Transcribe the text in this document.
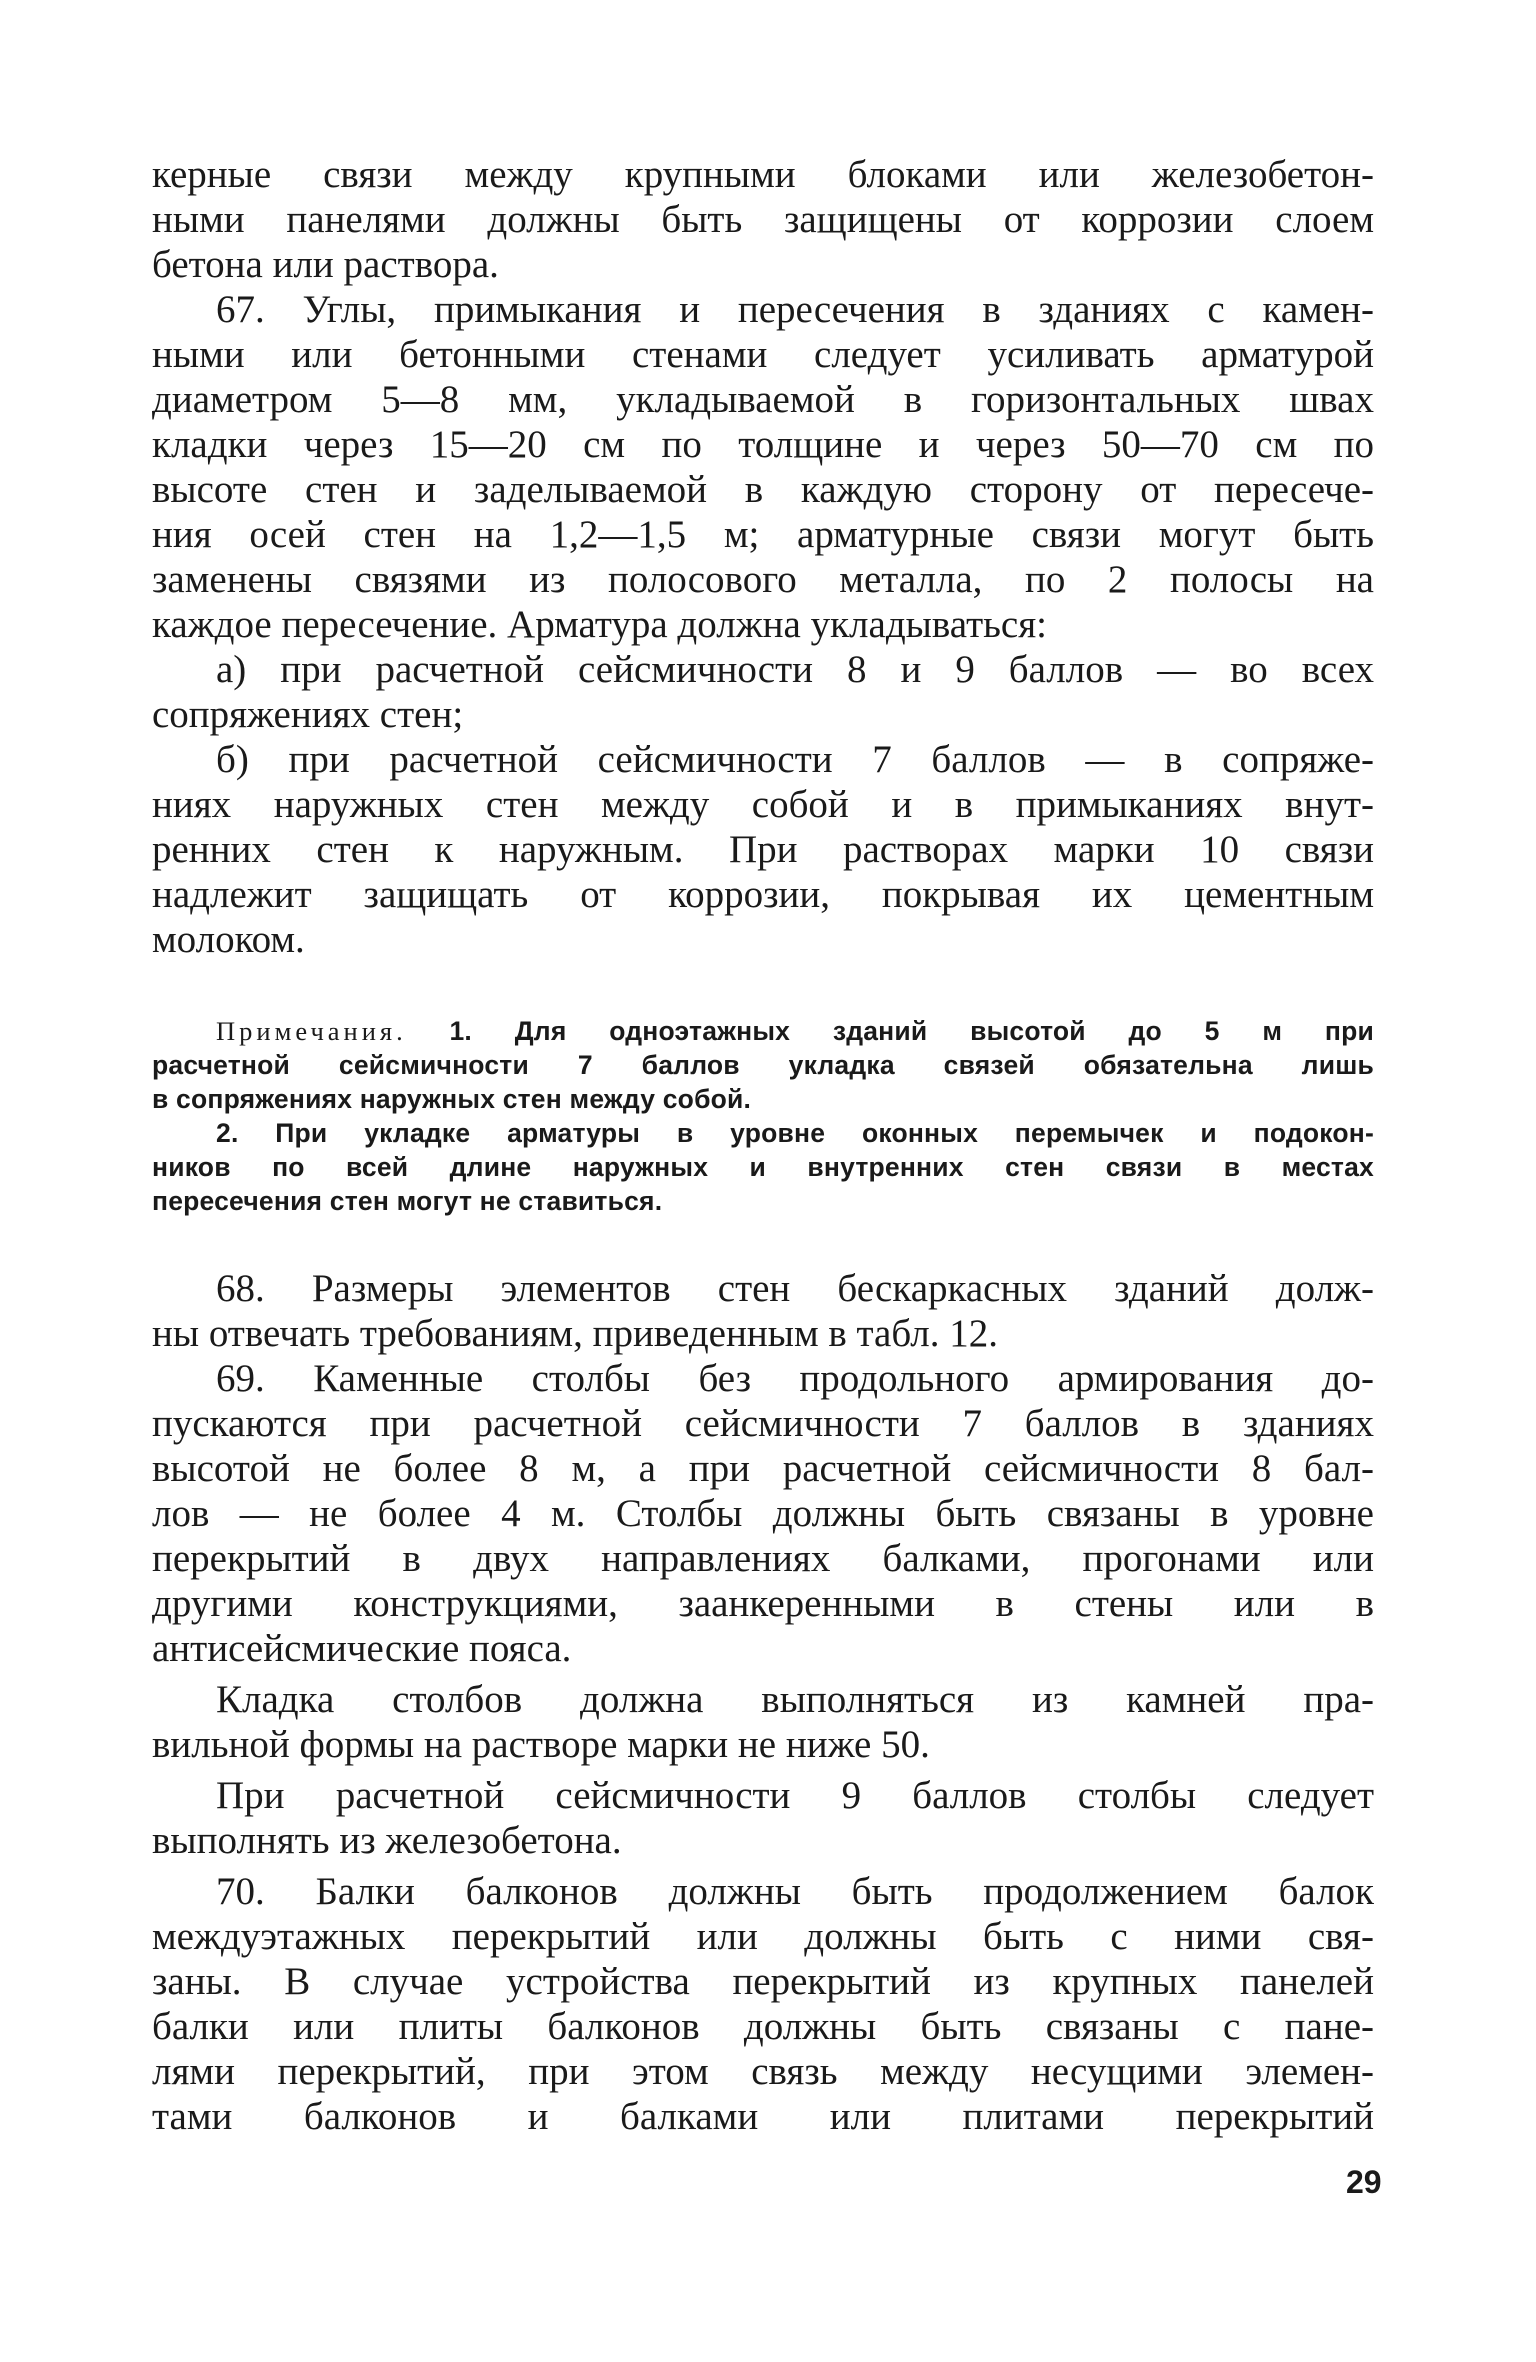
керные связи между крупными блоками или железобетон-
ными панелями должны быть защищены от коррозии слоем
бетона или раствора.
67. Углы, примыкания и пересечения в зданиях с камен-
ными или бетонными стенами следует усиливать арматурой
диаметром 5—8 мм, укладываемой в горизонтальных швах
кладки через 15—20 см по толщине и через 50—70 см по
высоте стен и заделываемой в каждую сторону от пересече-
ния осей стен на 1,2—1,5 м; арматурные связи могут быть
заменены связями из полосового металла, по 2 полосы на
каждое пересечение. Арматура должна укладываться:
а) при расчетной сейсмичности 8 и 9 баллов — во всех
сопряжениях стен;
б) при расчетной сейсмичности 7 баллов — в сопряже-
ниях наружных стен между собой и в примыканиях внут-
ренних стен к наружным. При растворах марки 10 связи
надлежит защищать от коррозии, покрывая их цементным
молоком.
Примечания. 1. Для одноэтажных зданий высотой до 5 м при
расчетной сейсмичности 7 баллов укладка связей обязательна лишь
в сопряжениях наружных стен между собой.
2. При укладке арматуры в уровне оконных перемычек и подокон-
ников по всей длине наружных и внутренних стен связи в местах
пересечения стен могут не ставиться.
68. Размеры элементов стен бескаркасных зданий долж-
ны отвечать требованиям, приведенным в табл. 12.
69. Каменные столбы без продольного армирования до-
пускаются при расчетной сейсмичности 7 баллов в зданиях
высотой не более 8 м, а при расчетной сейсмичности 8 бал-
лов — не более 4 м. Столбы должны быть связаны в уровне
перекрытий в двух направлениях балками, прогонами или
другими конструкциями, заанкеренными в стены или в
антисейсмические пояса.
Кладка столбов должна выполняться из камней пра-
вильной формы на растворе марки не ниже 50.
При расчетной сейсмичности 9 баллов столбы следует
выполнять из железобетона.
70. Балки балконов должны быть продолжением балок
междуэтажных перекрытий или должны быть с ними свя-
заны. В случае устройства перекрытий из крупных панелей
балки или плиты балконов должны быть связаны с пане-
лями перекрытий, при этом связь между несущими элемен-
тами балконов и балками или плитами перекрытий
29
